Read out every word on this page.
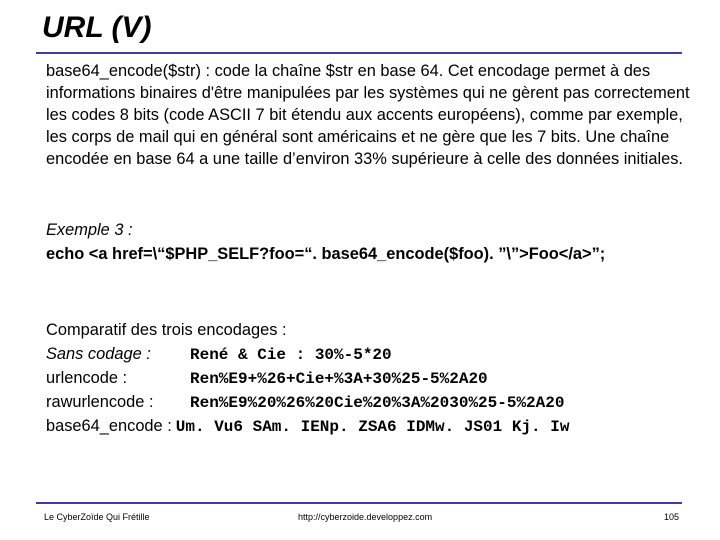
URL (V)
base64_encode($str) : code la chaîne $str en base 64. Cet encodage permet à des informations binaires d'être manipulées par les systèmes qui ne gèrent pas correctement les codes 8 bits (code ASCII 7 bit étendu aux accents européens), comme par exemple, les corps de mail qui en général sont américains et ne gère que les 7 bits. Une chaîne encodée en base 64 a une taille d’environ 33% supérieure à celle des données initiales.
Exemple 3 :
echo <a href=\“$PHP_SELF?foo=“. base64_encode($foo). ”\”>Foo</a>”;
Comparatif des trois encodages :
Sans codage :	René & Cie : 30%-5*20
urlencode :	Ren%E9+%26+Cie+%3A+30%25-5%2A20
rawurlencode :	Ren%E9%20%26%20Cie%20%3A%2030%25-5%2A20
base64_encode : Um. Vu6 SAm. IENp. ZSA6 IDMw. JS01 Kj. Iw
Le CyberZoïde Qui Frétille	http://cyberzoide.developpez.com	105
